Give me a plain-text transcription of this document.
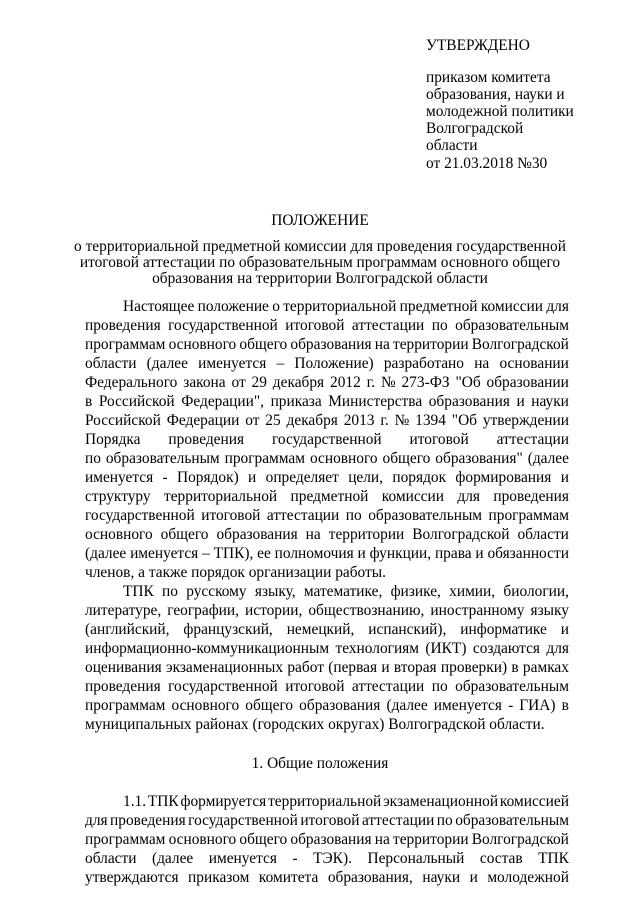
УТВЕРЖДЕНО
приказом комитета
образования, науки и
молодежной политики
Волгоградской
области
от 21.03.2018 №30
ПОЛОЖЕНИЕ
о территориальной предметной комиссии для проведения государственной
итоговой аттестации по образовательным программам основного общего
образования на территории Волгоградской области
Настоящее положение о территориальной предметной комиссии для
проведения государственной итоговой аттестации по образовательным
программам основного общего образования на территории Волгоградской
области (далее именуется – Положение) разработано на основании
Федерального закона от 29 декабря 2012 г. № 273-ФЗ "Об образовании
в Российской Федерации", приказа Министерства образования и науки
Российской Федерации от 25 декабря 2013 г. № 1394 "Об утверждении
Порядка проведения государственной итоговой аттестации
по образовательным программам основного общего образования" (далее
именуется - Порядок) и определяет цели, порядок формирования и
структуру территориальной предметной комиссии для проведения
государственной итоговой аттестации по образовательным программам
основного общего образования на территории Волгоградской области
(далее именуется – ТПК), ее полномочия и функции, права и обязанности
членов, а также порядок организации работы.
ТПК по русскому языку, математике, физике, химии, биологии,
литературе, географии, истории, обществознанию, иностранному языку
(английский, французский, немецкий, испанский), информатике и
информационно-коммуникационным технологиям (ИКТ) создаются для
оценивания экзаменационных работ (первая и вторая проверки) в рамках
проведения государственной итоговой аттестации по образовательным
программам основного общего образования (далее именуется - ГИА) в
муниципальных районах (городских округах) Волгоградской области.
1. Общие положения
1.1. ТПК формируется территориальной экзаменационной комиссией
для проведения государственной итоговой аттестации по образовательным
программам основного общего образования на территории Волгоградской
области (далее именуется - ТЭК). Персональный состав ТПК
утверждаются приказом комитета образования, науки и молодежной
